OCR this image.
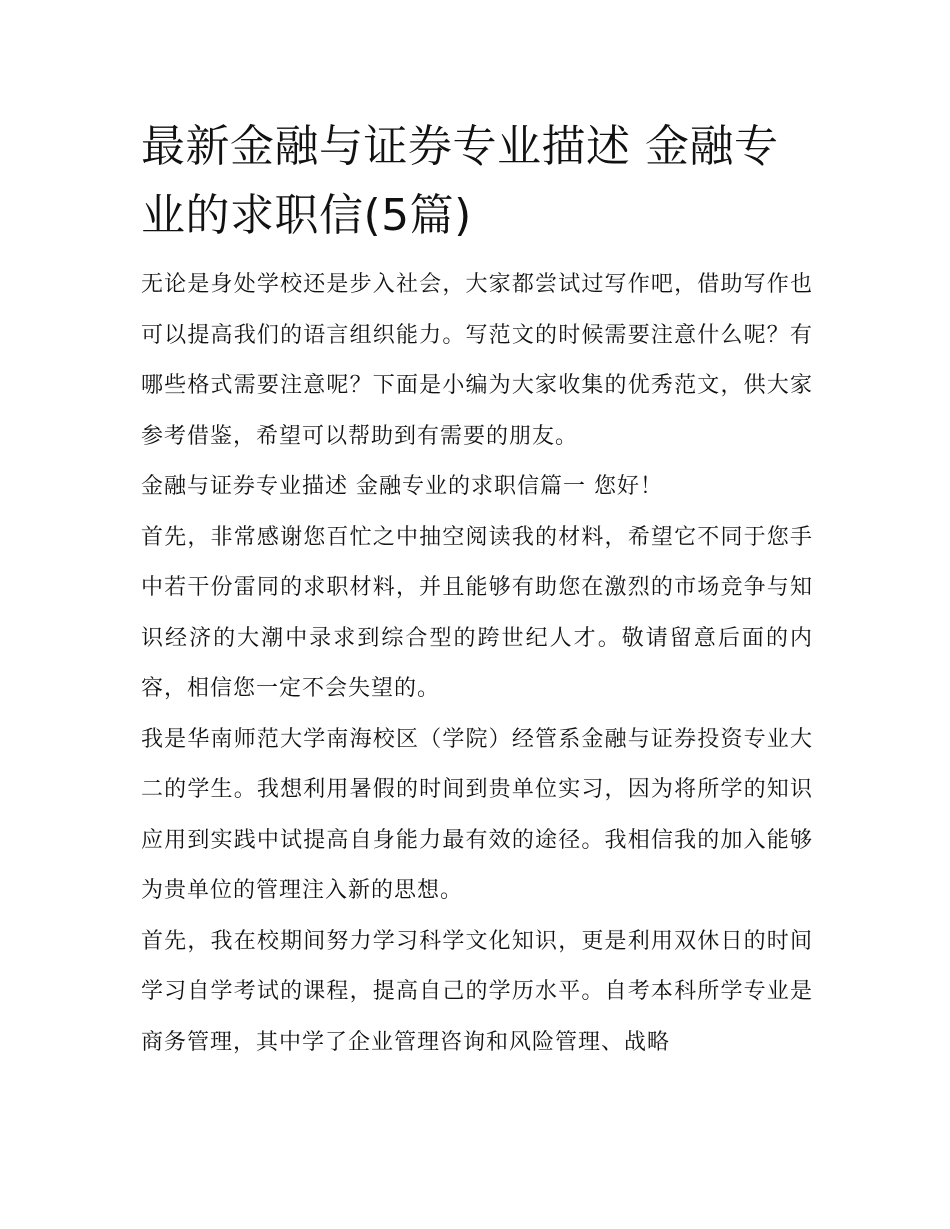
最新金融与证券专业描述 金融专业的求职信(5篇)

无论是身处学校还是步入社会，大家都尝试过写作吧，借助写作也可以提高我们的语言组织能力。写范文的时候需要注意什么呢？有哪些格式需要注意呢？下面是小编为大家收集的优秀范文，供大家参考借鉴，希望可以帮助到有需要的朋友。

金融与证券专业描述 金融专业的求职信篇一 您好！

首先，非常感谢您百忙之中抽空阅读我的材料，希望它不同于您手中若干份雷同的求职材料，并且能够有助您在激烈的市场竞争与知识经济的大潮中录求到综合型的跨世纪人才。敬请留意后面的内容，相信您一定不会失望的。

我是华南师范大学南海校区（学院）经管系金融与证券投资专业大二的学生。我想利用暑假的时间到贵单位实习，因为将所学的知识应用到实践中试提高自身能力最有效的途径。我相信我的加入能够为贵单位的管理注入新的思想。

首先，我在校期间努力学习科学文化知识，更是利用双休日的时间学习自学考试的课程，提高自己的学历水平。自考本科所学专业是商务管理，其中学了企业管理咨询和风险管理、战略
